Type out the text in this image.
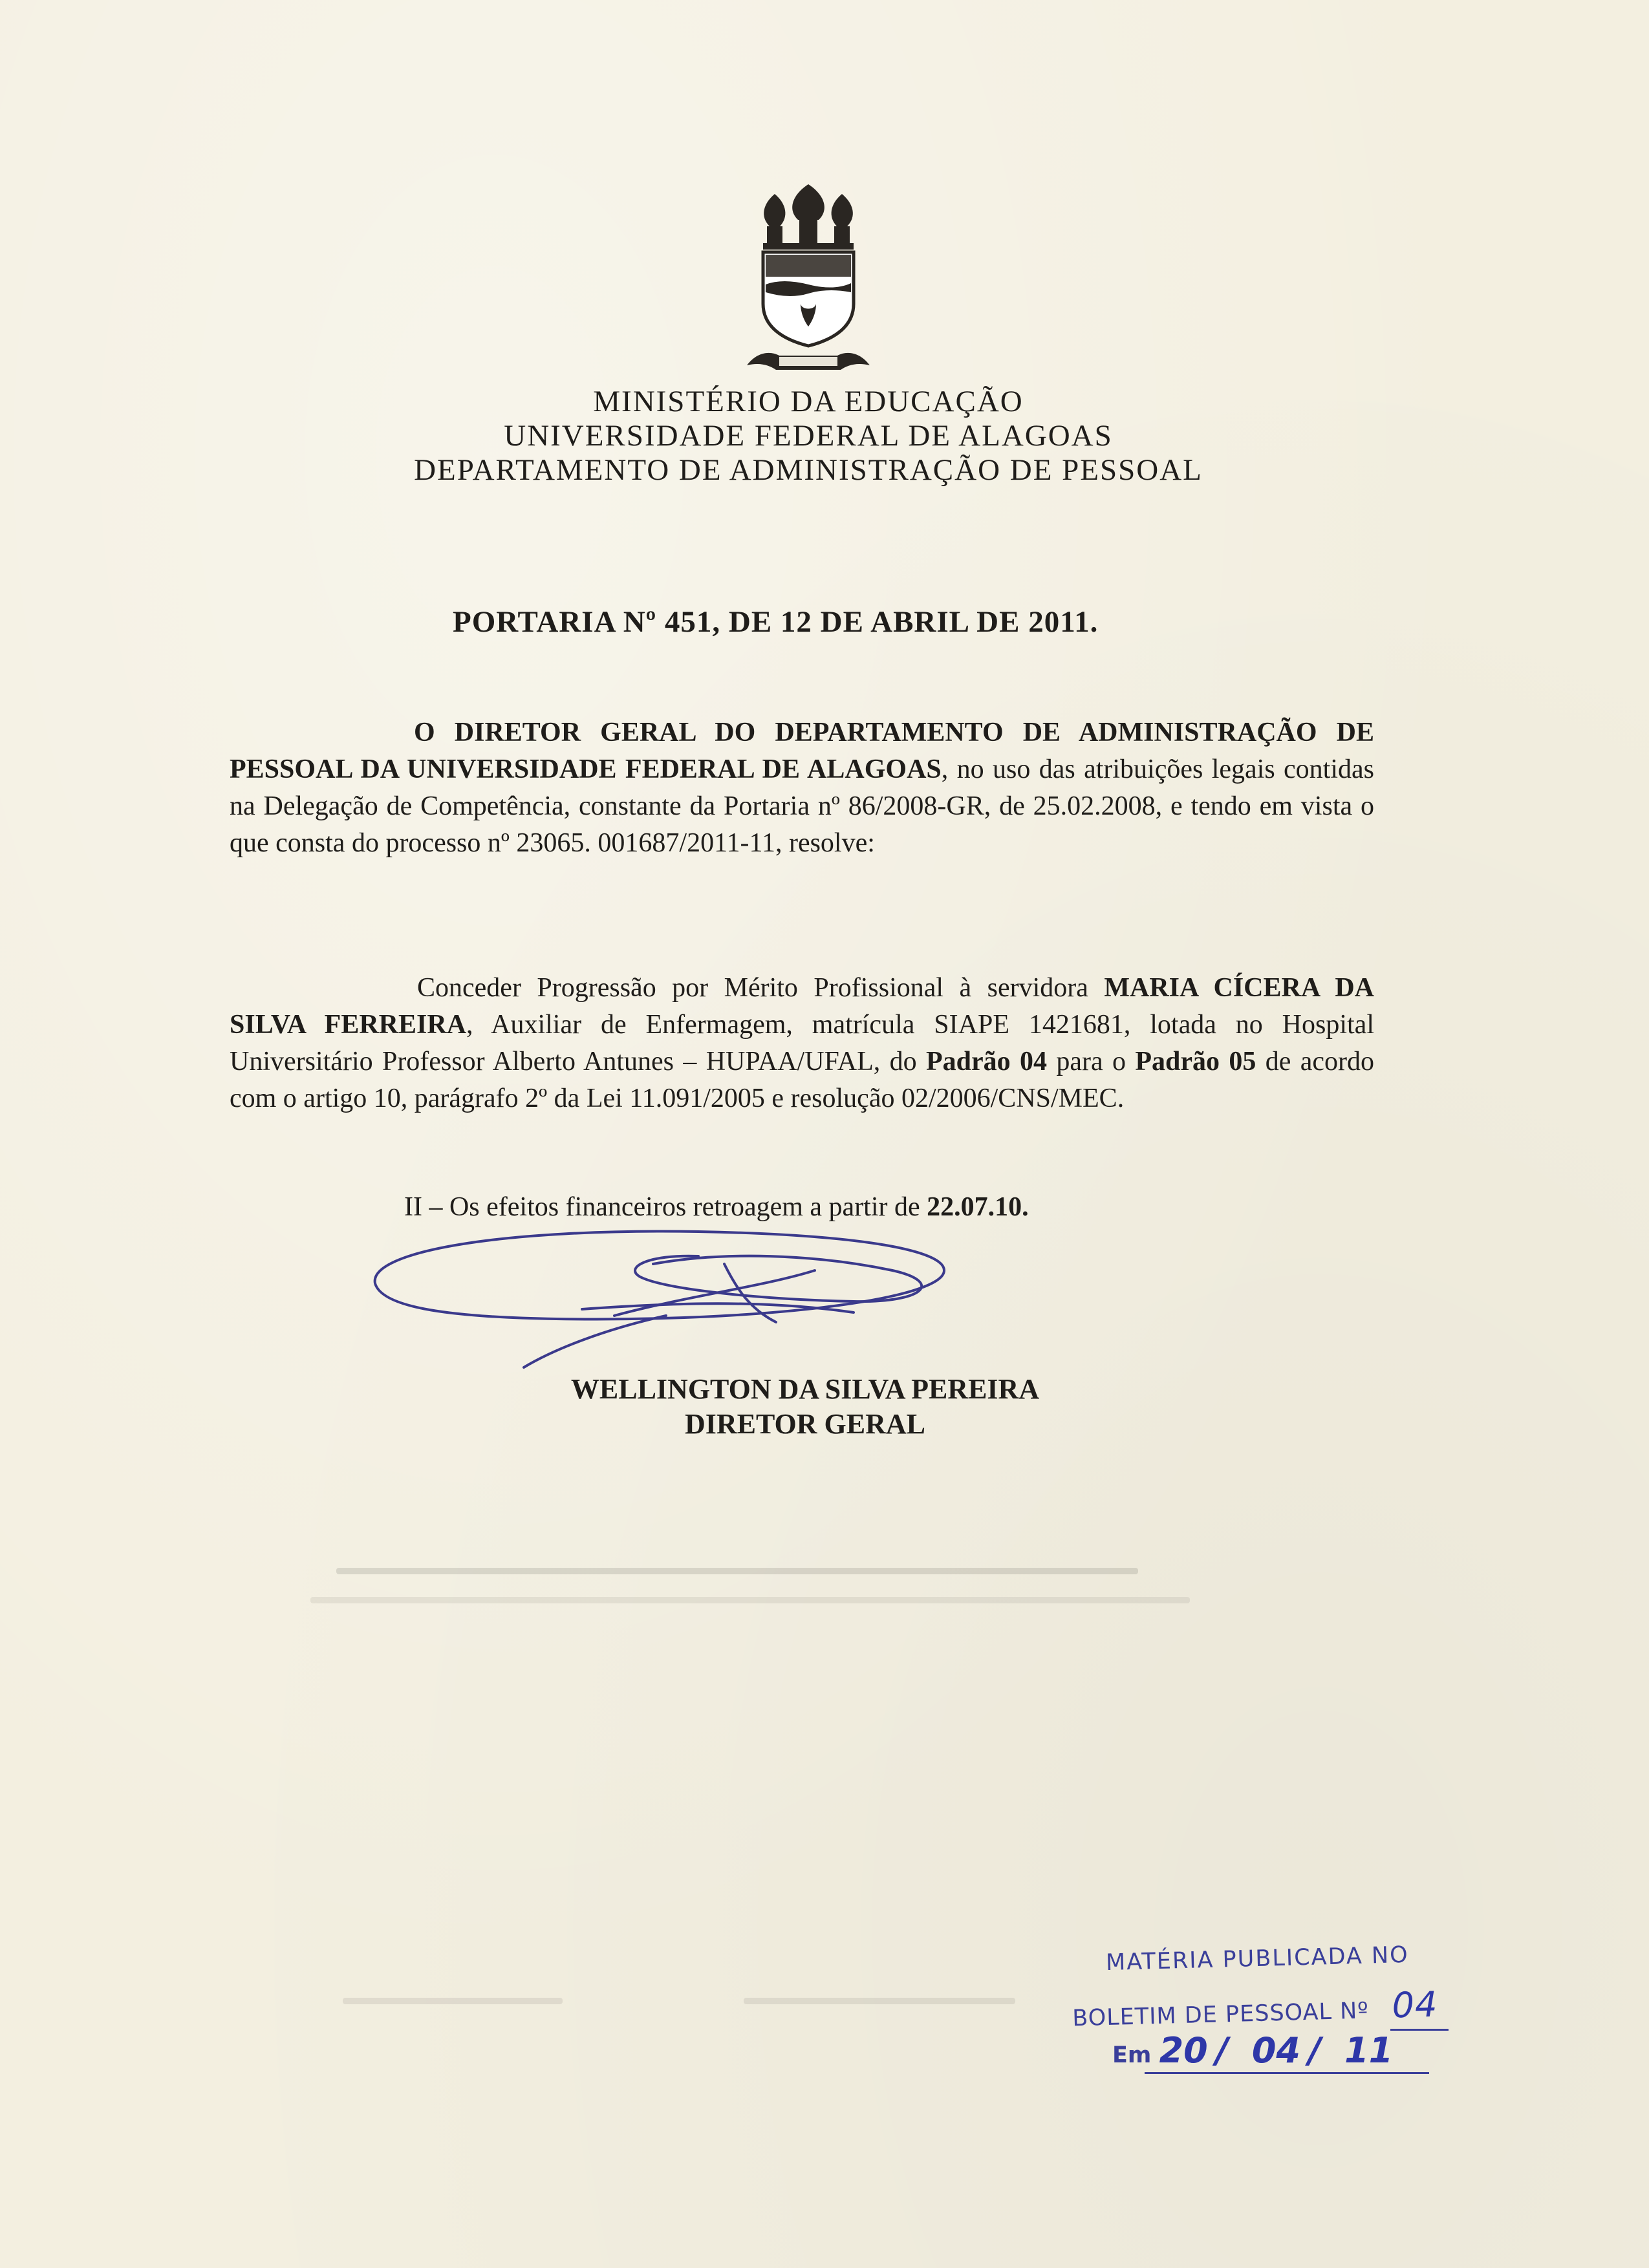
MINISTÉRIO DA EDUCAÇÃO
UNIVERSIDADE FEDERAL DE ALAGOAS
DEPARTAMENTO DE ADMINISTRAÇÃO DE PESSOAL
PORTARIA Nº 451, DE 12 DE ABRIL DE 2011.
O DIRETOR GERAL DO DEPARTAMENTO DE ADMINISTRAÇÃO DE PESSOAL DA UNIVERSIDADE FEDERAL DE ALAGOAS, no uso das atribuições legais contidas na Delegação de Competência, constante da Portaria nº 86/2008-GR, de 25.02.2008, e tendo em vista o que consta do processo nº 23065. 001687/2011-11, resolve:
Conceder Progressão por Mérito Profissional à servidora MARIA CÍCERA DA SILVA FERREIRA, Auxiliar de Enfermagem, matrícula SIAPE 1421681, lotada no Hospital Universitário Professor Alberto Antunes – HUPAA/UFAL, do Padrão 04 para o Padrão 05 de acordo com o artigo 10, parágrafo 2º da Lei 11.091/2005 e resolução 02/2006/CNS/MEC.
II – Os efeitos financeiros retroagem a partir de 22.07.10.
WELLINGTON DA SILVA PEREIRA
DIRETOR GERAL
MATÉRIA PUBLICADA NO
BOLETIM DE PESSOAL Nº 04
Em 20 / 04 / 11
